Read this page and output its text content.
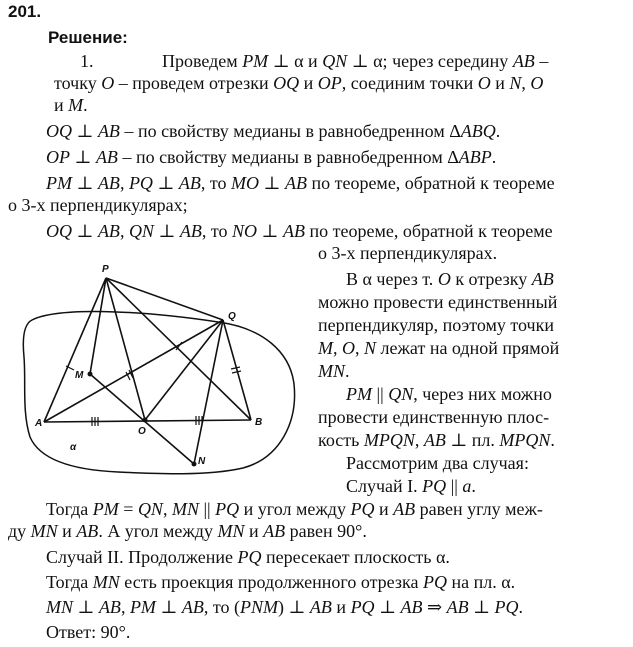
201.
Решение:
1.	Проведем PM ⊥ α и QN ⊥ α; через середину AB –
точку O – проведем отрезки OQ и OP, соединим точки O и N, O
и M.
OQ ⊥ AB – по свойству медианы в равнобедренном ΔABQ.
OP ⊥ AB – по свойству медианы в равнобедренном ΔABP.
PM ⊥ AB, PQ ⊥ AB, то MO ⊥ AB по теореме, обратной к теореме
о 3-х перпендикулярах;
OQ ⊥ AB, QN ⊥ AB, то NO ⊥ AB по теореме, обратной к теореме
о 3-х перпендикулярах.
В α через т. O к отрезку AB
можно провести единственный
перпендикуляр, поэтому точки
M, O, N лежат на одной прямой
MN.
PM || QN, через них можно
провести единственную плос-
кость MPQN, AB ⊥ пл. MPQN.
Рассмотрим два случая:
Случай I. PQ || a.
Тогда PM = QN, MN || PQ и угол между PQ и AB равен углу меж-
ду MN и AB. А угол между MN и AB равен 90°.
Случай II. Продолжение PQ пересекает плоскость α.
Тогда MN есть проекция продолженного отрезка PQ на пл. α.
MN ⊥ AB, PM ⊥ AB, то (PNM) ⊥ AB и PQ ⊥ AB ⇒ AB ⊥ PQ.
Ответ: 90°.
P
Q
M
A
O
B
N
α
